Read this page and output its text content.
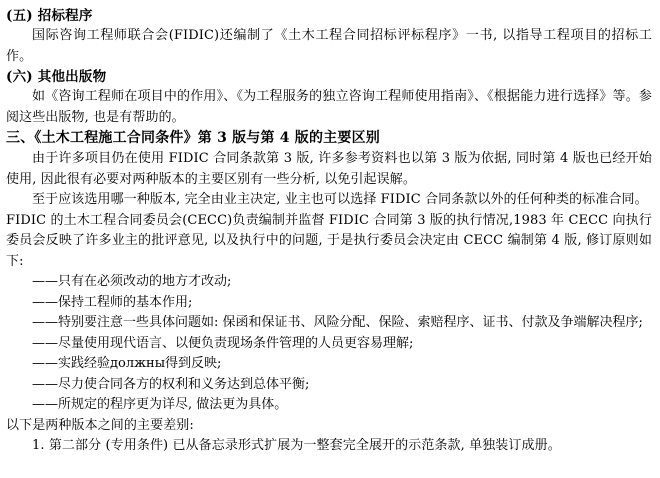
(五) 招标程序

国际咨询工程师联合会(FIDIC)还编制了《土木工程合同招标评标程序》一书, 以指导工程项目的招标工作。

(六) 其他出版物

如《咨询工程师在项目中的作用》、《为工程服务的独立咨询工程师使用指南》、《根据能力进行选择》等。参阅这些出版物, 也是有帮助的。

三、《土木工程施工合同条件》第 3 版与第 4 版的主要区别

由于许多项目仍在使用 FIDIC 合同条款第 3 版, 许多参考资料也以第 3 版为依据, 同时第 4 版也已经开始使用, 因此很有必要对两种版本的主要区别有一些分析, 以免引起误解。

至于应该选用哪一种版本, 完全由业主决定, 业主也可以选择 FIDIC 合同条款以外的任何种类的标准合同。

FIDIC 的土木工程合同委员会(CECC)负责编制并监督 FIDIC 合同第 3 版的执行情况,1983 年 CECC 向执行委员会反映了许多业主的批评意见, 以及执行中的问题, 于是执行委员会决定由 CECC 编制第 4 版, 修订原则如下:

——只有在必须改动的地方才改动;

——保持工程师的基本作用;

——特别要注意一些具体问题如: 保函和保证书、风险分配、保险、索赔程序、证书、付款及争端解决程序;

——尽量使用现代语言、以便负责现场条件管理的人员更容易理解;

——实践经验должны得到反映;

——尽力使合同各方的权利和义务达到总体平衡;

——所规定的程序更为详尽, 做法更为具体。

以下是两种版本之间的主要差别:

1. 第二部分 (专用条件) 已从备忘录形式扩展为一整套完全展开的示范条款, 单独装订成册。
